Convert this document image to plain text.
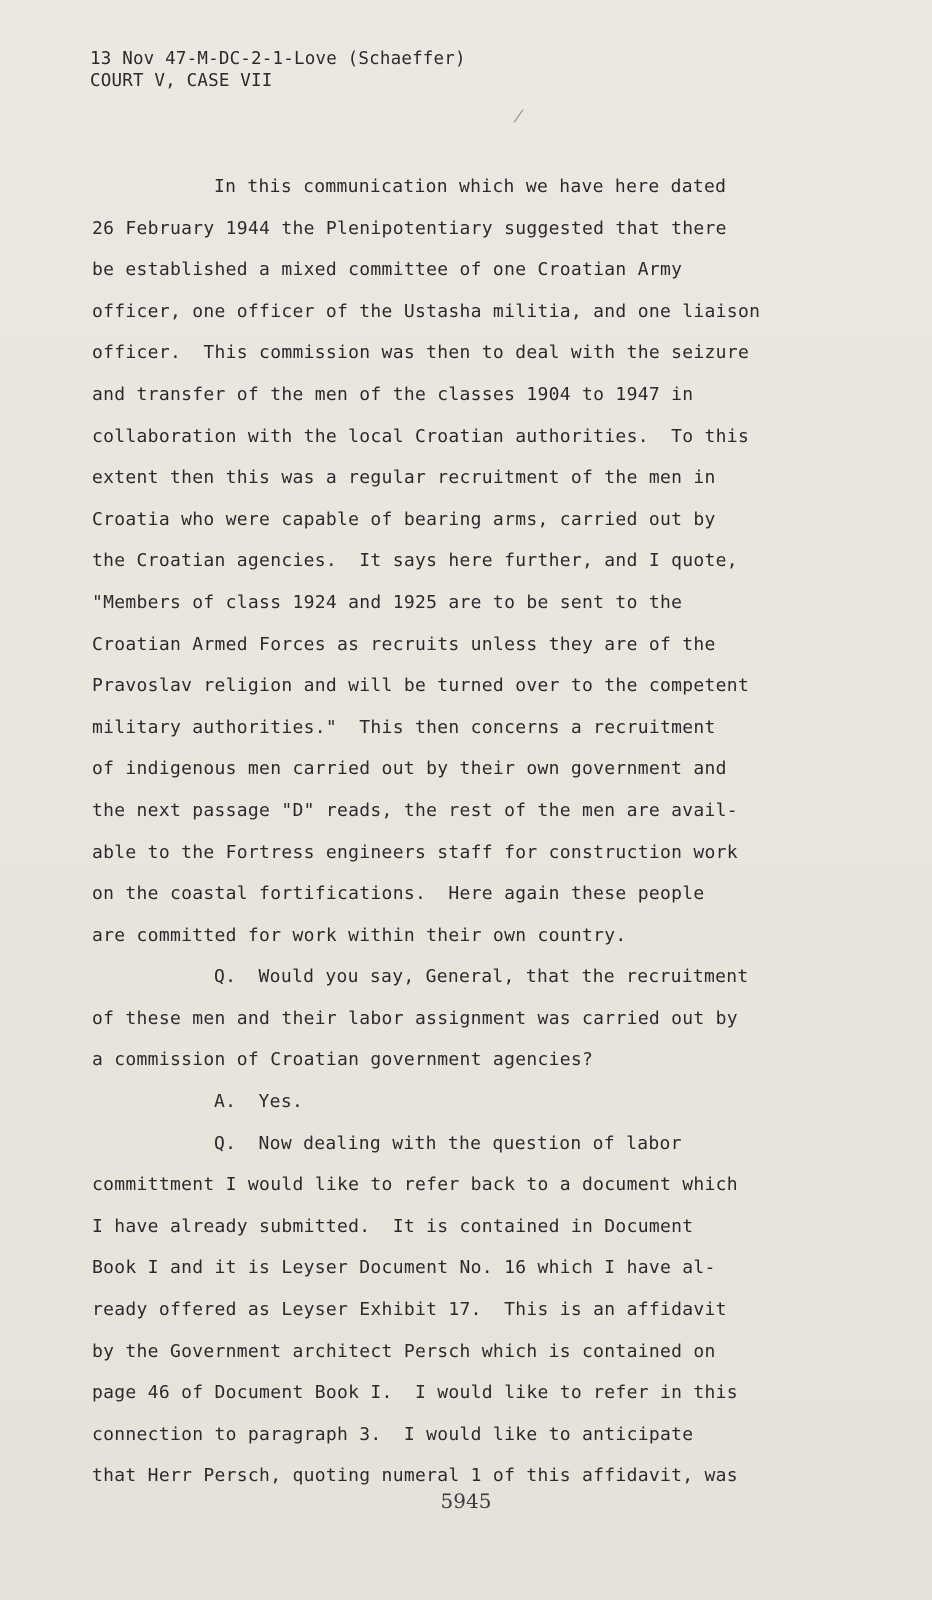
13 Nov 47-M-DC-2-1-Love (Schaeffer)
COURT V, CASE VII
In this communication which we have here dated
26 February 1944 the Plenipotentiary suggested that there
be established a mixed committee of one Croatian Army
officer, one officer of the Ustasha militia, and one liaison
officer.  This commission was then to deal with the seizure
and transfer of the men of the classes 1904 to 1947 in
collaboration with the local Croatian authorities.  To this
extent then this was a regular recruitment of the men in
Croatia who were capable of bearing arms, carried out by
the Croatian agencies.  It says here further, and I quote,
"Members of class 1924 and 1925 are to be sent to the
Croatian Armed Forces as recruits unless they are of the
Pravoslav religion and will be turned over to the competent
military authorities."  This then concerns a recruitment
of indigenous men carried out by their own government and
the next passage "D" reads, the rest of the men are avail-
able to the Fortress engineers staff for construction work
on the coastal fortifications.  Here again these people
are committed for work within their own country.
Q.  Would you say, General, that the recruitment
of these men and their labor assignment was carried out by
a commission of Croatian government agencies?
A.  Yes.
Q.  Now dealing with the question of labor
committment I would like to refer back to a document which
I have already submitted.  It is contained in Document
Book I and it is Leyser Document No. 16 which I have al-
ready offered as Leyser Exhibit 17.  This is an affidavit
by the Government architect Persch which is contained on
page 46 of Document Book I.  I would like to refer in this
connection to paragraph 3.  I would like to anticipate
that Herr Persch, quoting numeral 1 of this affidavit, was
5945
